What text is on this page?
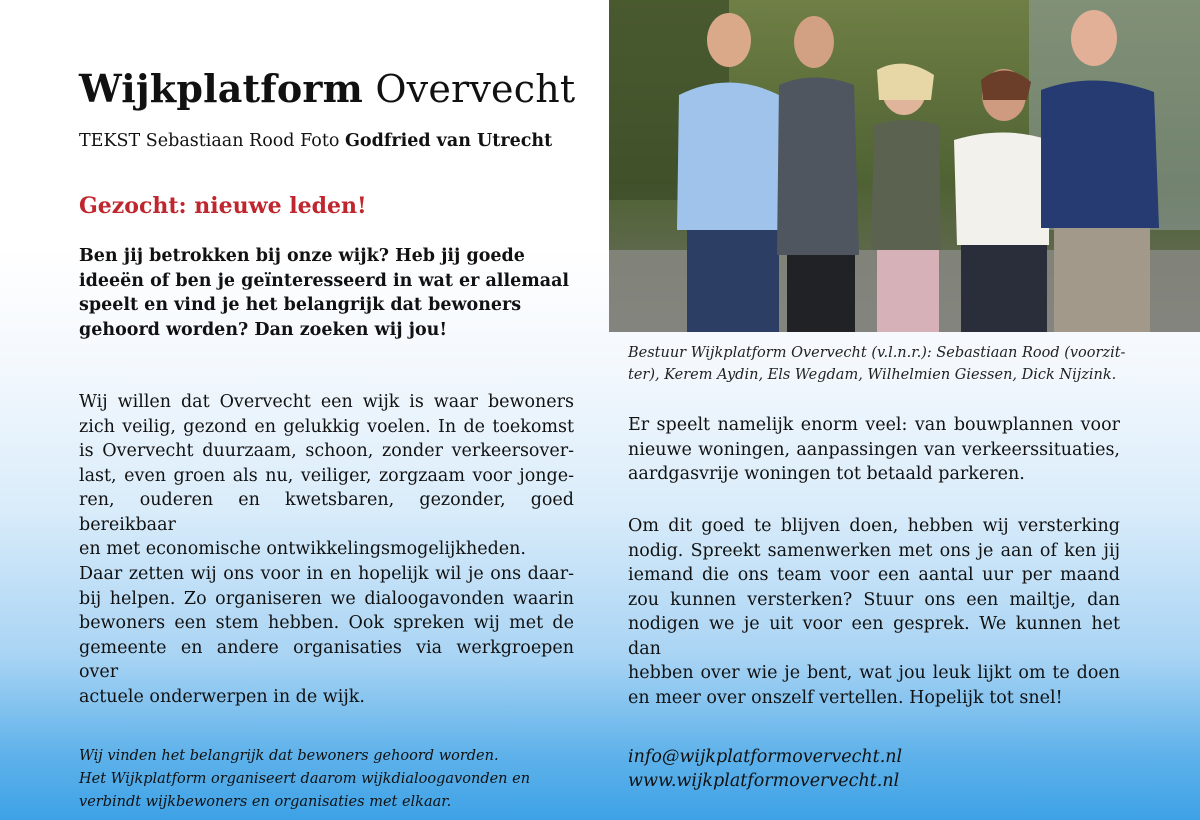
Wijkplatform Overvecht
TEKST Sebastiaan Rood Foto Godfried van Utrecht
Gezocht: nieuwe leden!

Ben jij betrokken bij onze wijk? Heb jij goede ideeën of ben je geïnteresseerd in wat er allemaal speelt en vind je het belangrijk dat bewoners gehoord worden? Dan zoeken wij jou!

Wij willen dat Overvecht een wijk is waar bewoners
zich veilig, gezond en gelukkig voelen. In de toekomst
is Overvecht duurzaam, schoon, zonder verkeersover-
last, even groen als nu, veiliger, zorgzaam voor jonge-
ren, ouderen en kwetsbaren, gezonder, goed bereikbaar
en met economische ontwikkelingsmogelijkheden.

Daar zetten wij ons voor in en hopelijk wil je ons daar-
bij helpen. Zo organiseren we dialoogavonden waarin
bewoners een stem hebben. Ook spreken wij met de
gemeente en andere organisaties via werkgroepen over
actuele onderwerpen in de wijk.

Bestuur Wijkplatform Overvecht (v.l.n.r.): Sebastiaan Rood (voorzit-
ter), Kerem Aydin, Els Wegdam, Wilhelmien Giessen, Dick Nijzink.

Er speelt namelijk enorm veel: van bouwplannen voor
nieuwe woningen, aanpassingen van verkeerssituaties,
aardgasvrije woningen tot betaald parkeren.

Om dit goed te blijven doen, hebben wij versterking
nodig. Spreekt samenwerken met ons je aan of ken jij
iemand die ons team voor een aantal uur per maand
zou kunnen versterken? Stuur ons een mailtje, dan
nodigen we je uit voor een gesprek. We kunnen het dan
hebben over wie je bent, wat jou leuk lijkt om te doen
en meer over onszelf vertellen. Hopelijk tot snel!

Wij vinden het belangrijk dat bewoners gehoord worden.
Het Wijkplatform organiseert daarom wijkdialoogavonden en
verbindt wijkbewoners en organisaties met elkaar.

info@wijkplatformovervecht.nl
www.wijkplatformovervecht.nl
